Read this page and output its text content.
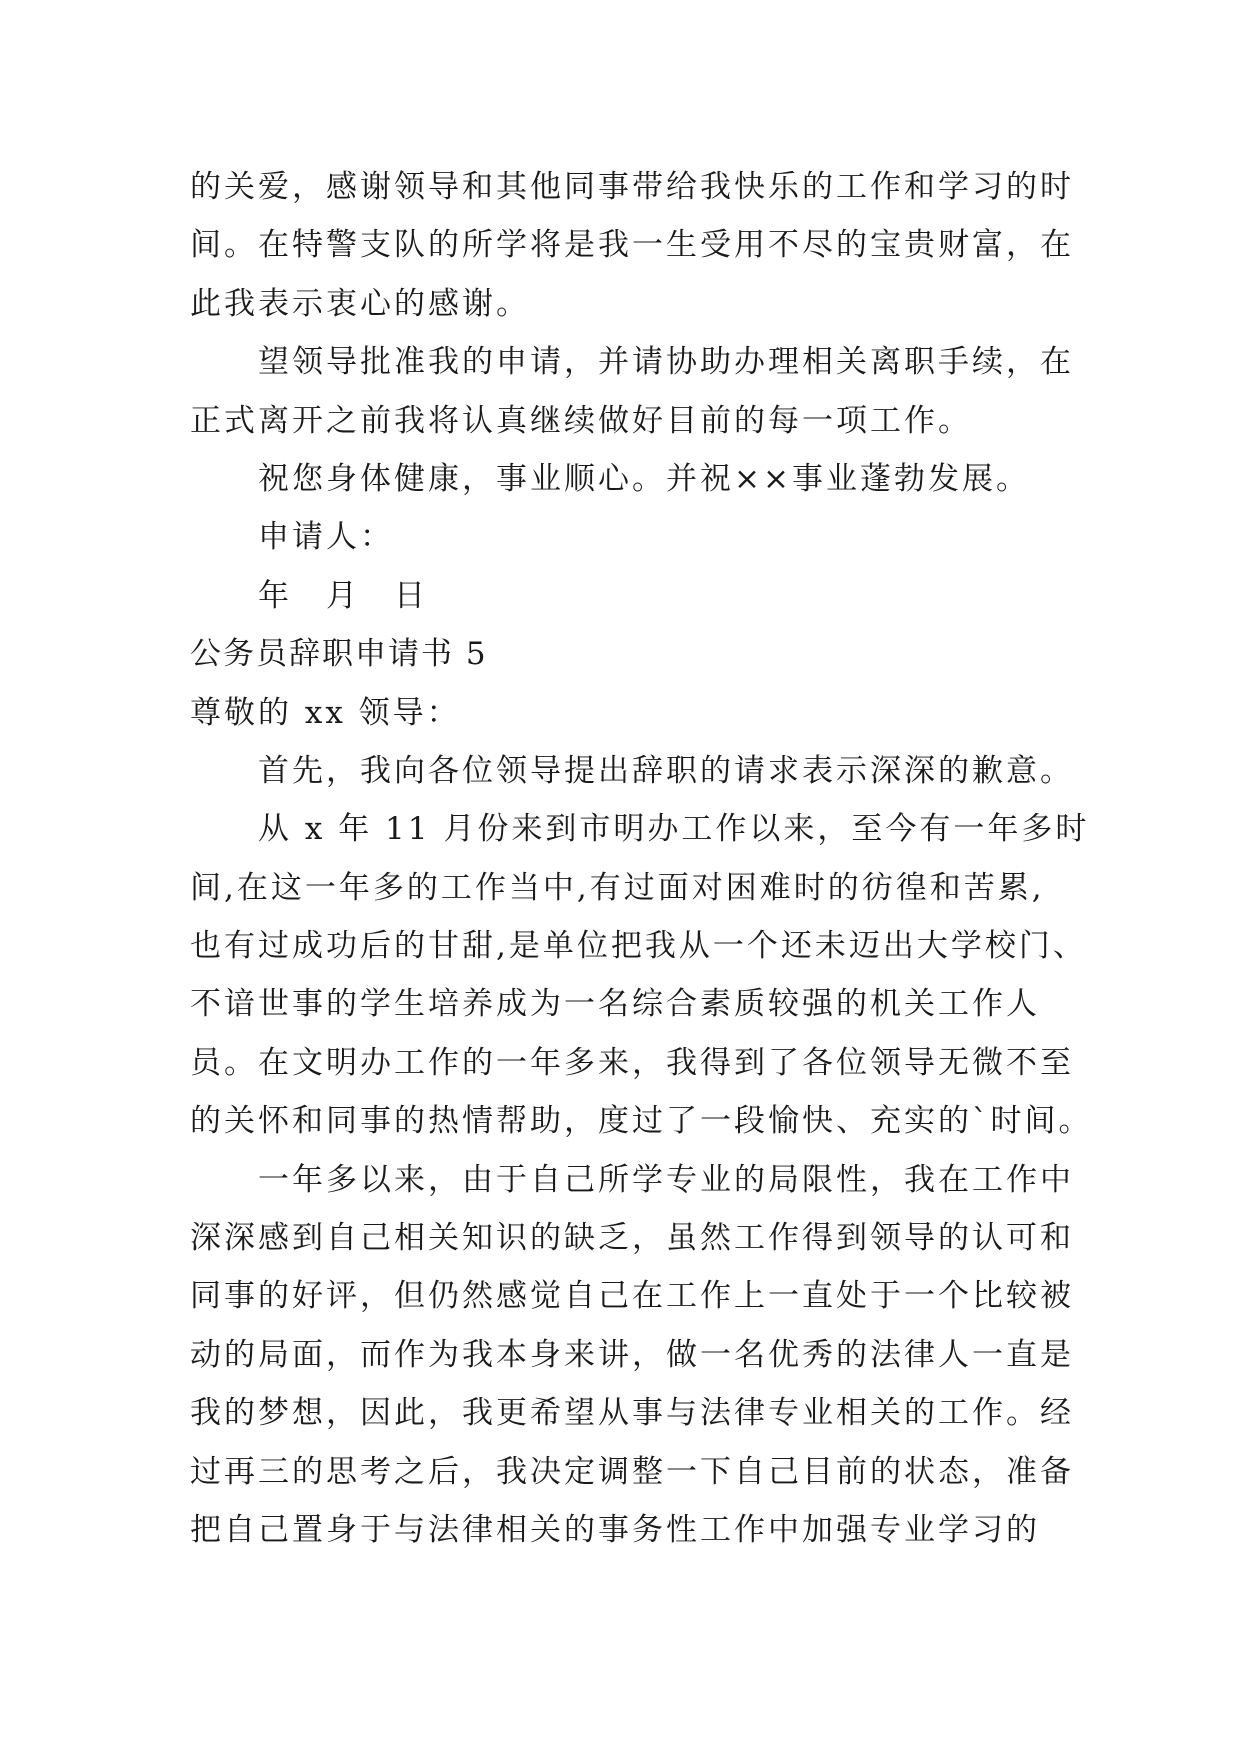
的关爱，感谢领导和其他同事带给我快乐的工作和学习的时
间。在特警支队的所学将是我一生受用不尽的宝贵财富，在
此我表示衷心的感谢。
望领导批准我的申请，并请协助办理相关离职手续，在
正式离开之前我将认真继续做好目前的每一项工作。
祝您身体健康，事业顺心。并祝××事业蓬勃发展。
申请人：
年　月　日
公务员辞职申请书 5
尊敬的 xx 领导：
首先，我向各位领导提出辞职的请求表示深深的歉意。
从 x 年 11 月份来到市明办工作以来，至今有一年多时
间,在这一年多的工作当中,有过面对困难时的彷徨和苦累,
也有过成功后的甘甜,是单位把我从一个还未迈出大学校门、
不谙世事的学生培养成为一名综合素质较强的机关工作人
员。在文明办工作的一年多来，我得到了各位领导无微不至
的关怀和同事的热情帮助，度过了一段愉快、充实的`时间。
一年多以来，由于自己所学专业的局限性，我在工作中
深深感到自己相关知识的缺乏，虽然工作得到领导的认可和
同事的好评，但仍然感觉自己在工作上一直处于一个比较被
动的局面，而作为我本身来讲，做一名优秀的法律人一直是
我的梦想，因此，我更希望从事与法律专业相关的工作。经
过再三的思考之后，我决定调整一下自己目前的状态，准备
把自己置身于与法律相关的事务性工作中加强专业学习的
